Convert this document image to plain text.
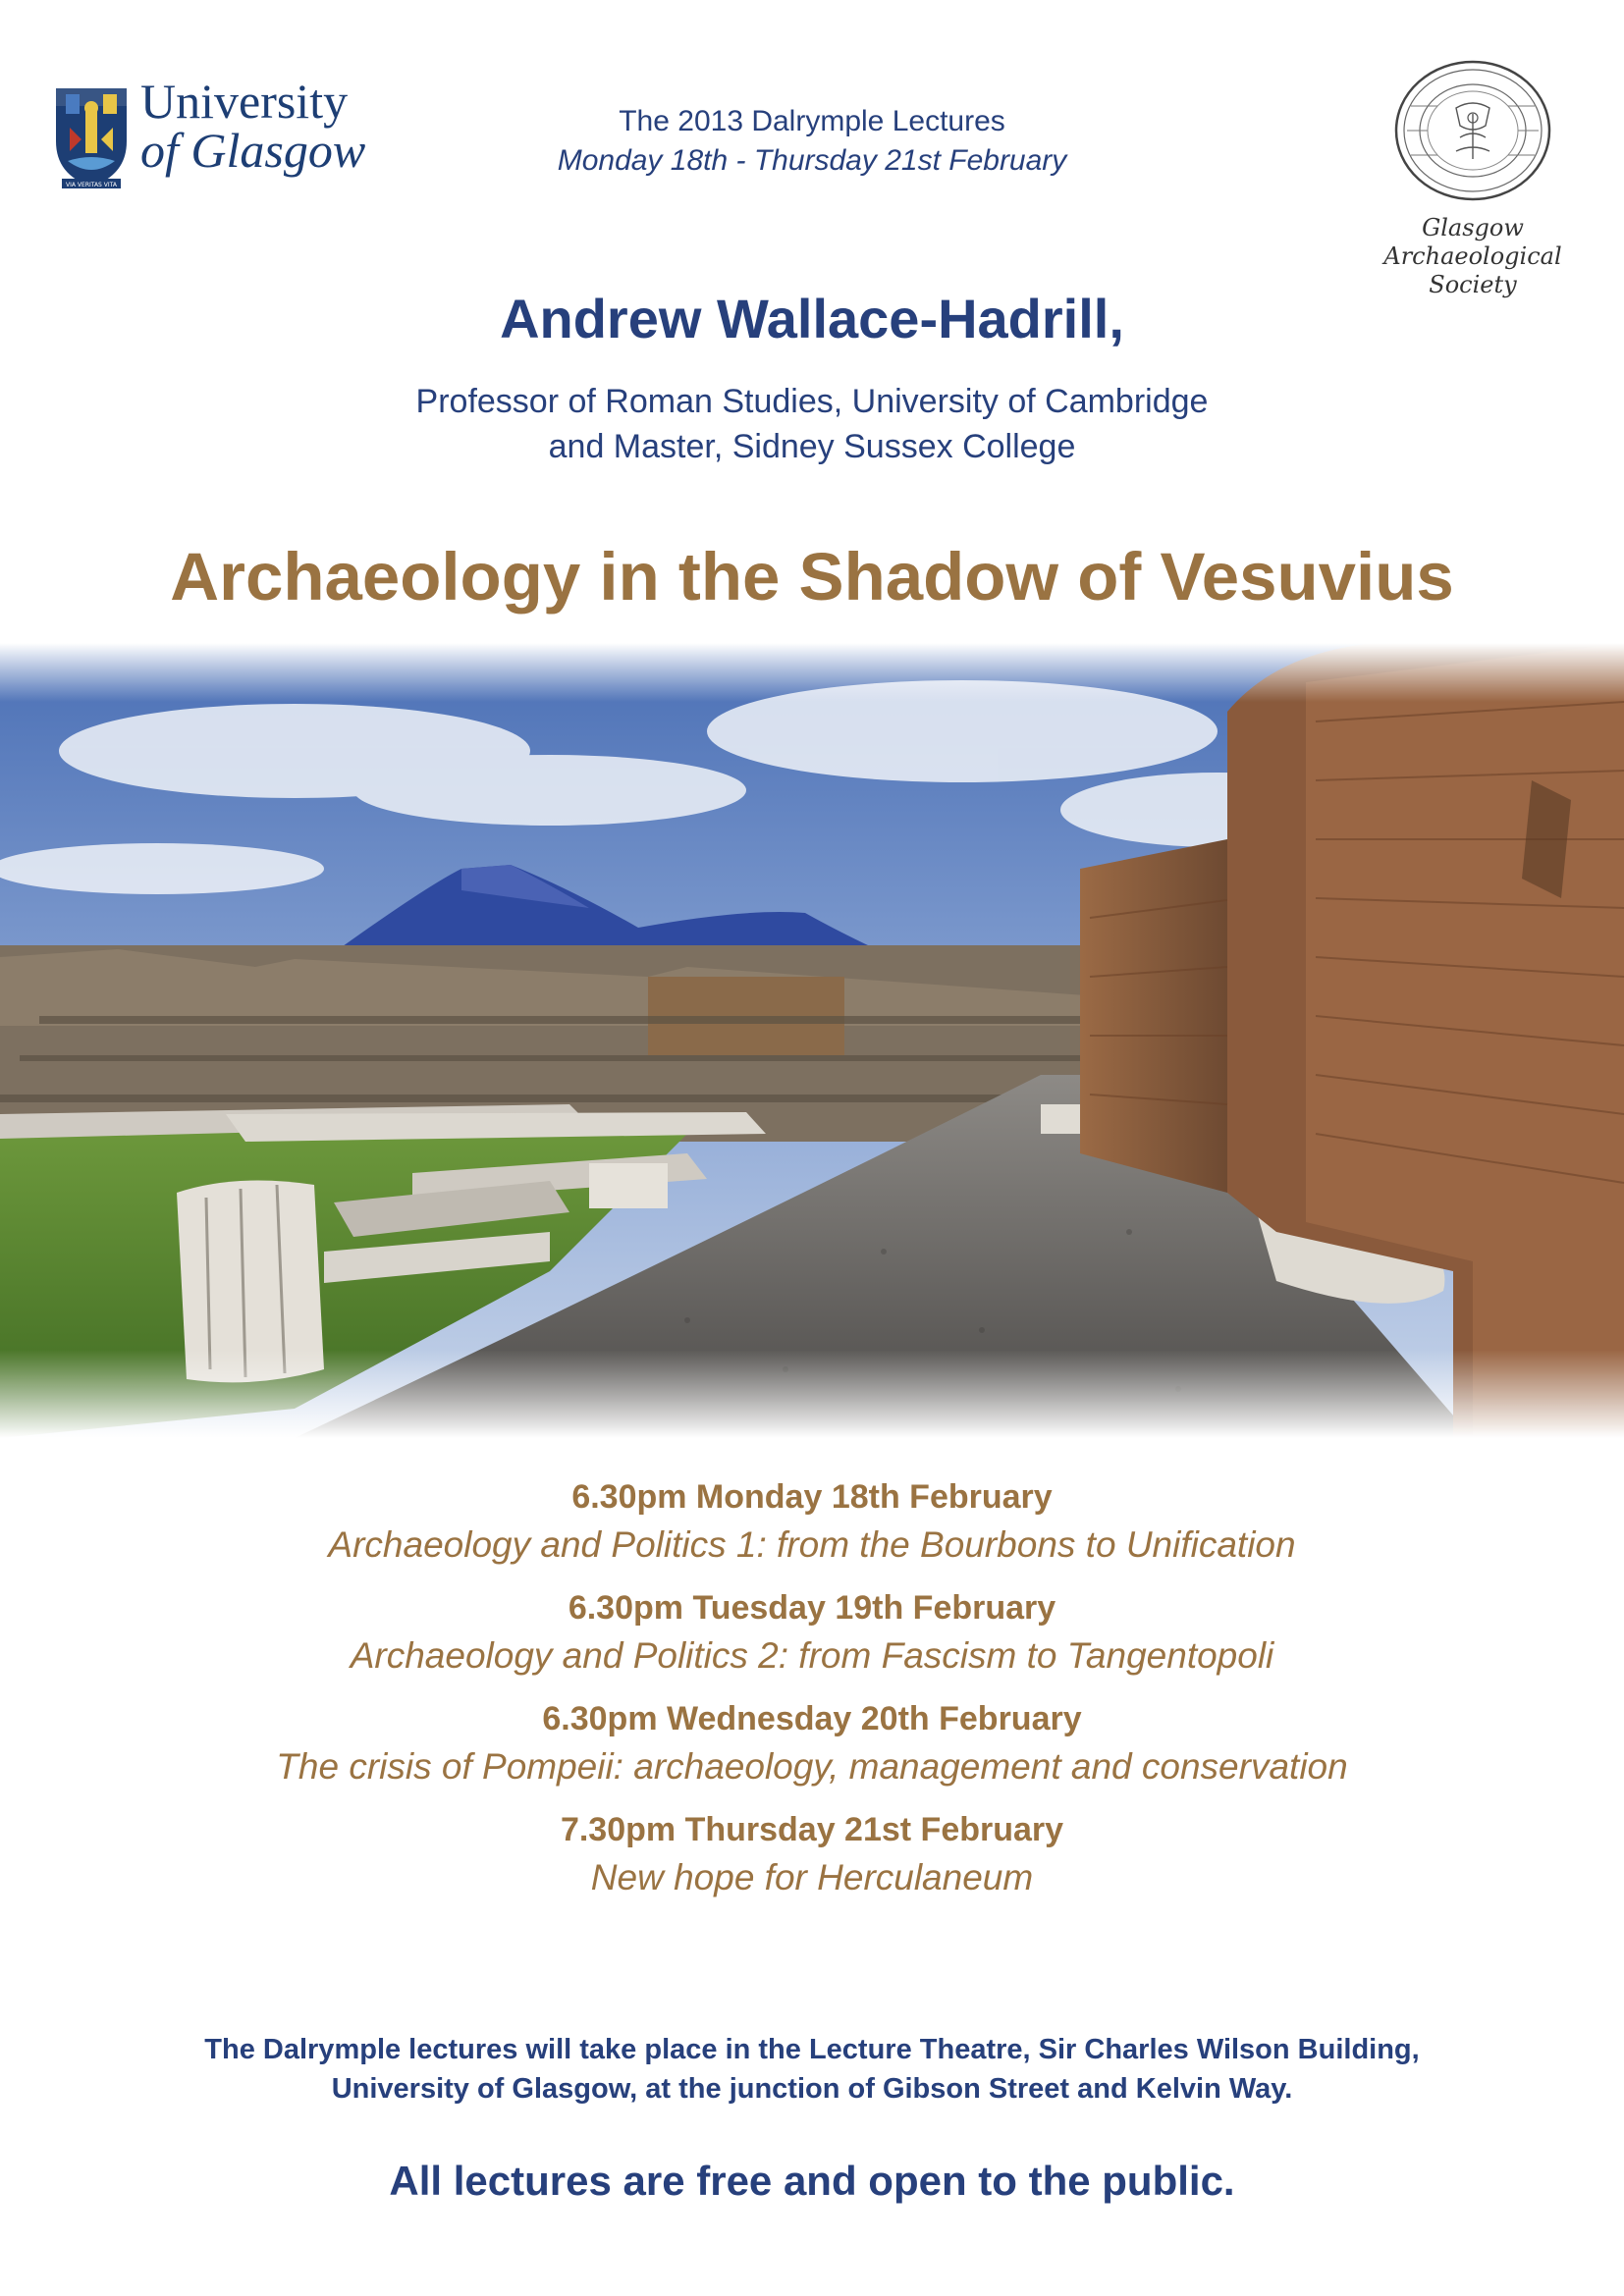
VIA VERITAS VITA
University
of Glasgow
The 2013 Dalrymple Lectures
Monday 18th - Thursday 21st February
Glasgow
Archaeological
Society
Andrew Wallace-Hadrill,
Professor of Roman Studies, University of Cambridge
and Master, Sidney Sussex College
Archaeology in the Shadow of Vesuvius
6.30pm Monday 18th February
Archaeology and Politics 1: from the Bourbons to Unification
6.30pm Tuesday 19th February
Archaeology and Politics 2: from Fascism to Tangentopoli
6.30pm Wednesday 20th February
The crisis of Pompeii: archaeology, management and conservation
7.30pm Thursday 21st February
New hope for Herculaneum
The Dalrymple lectures will take place in the Lecture Theatre, Sir Charles Wilson Building,
University of Glasgow, at the junction of Gibson Street and Kelvin Way.
All lectures are free and open to the public.
